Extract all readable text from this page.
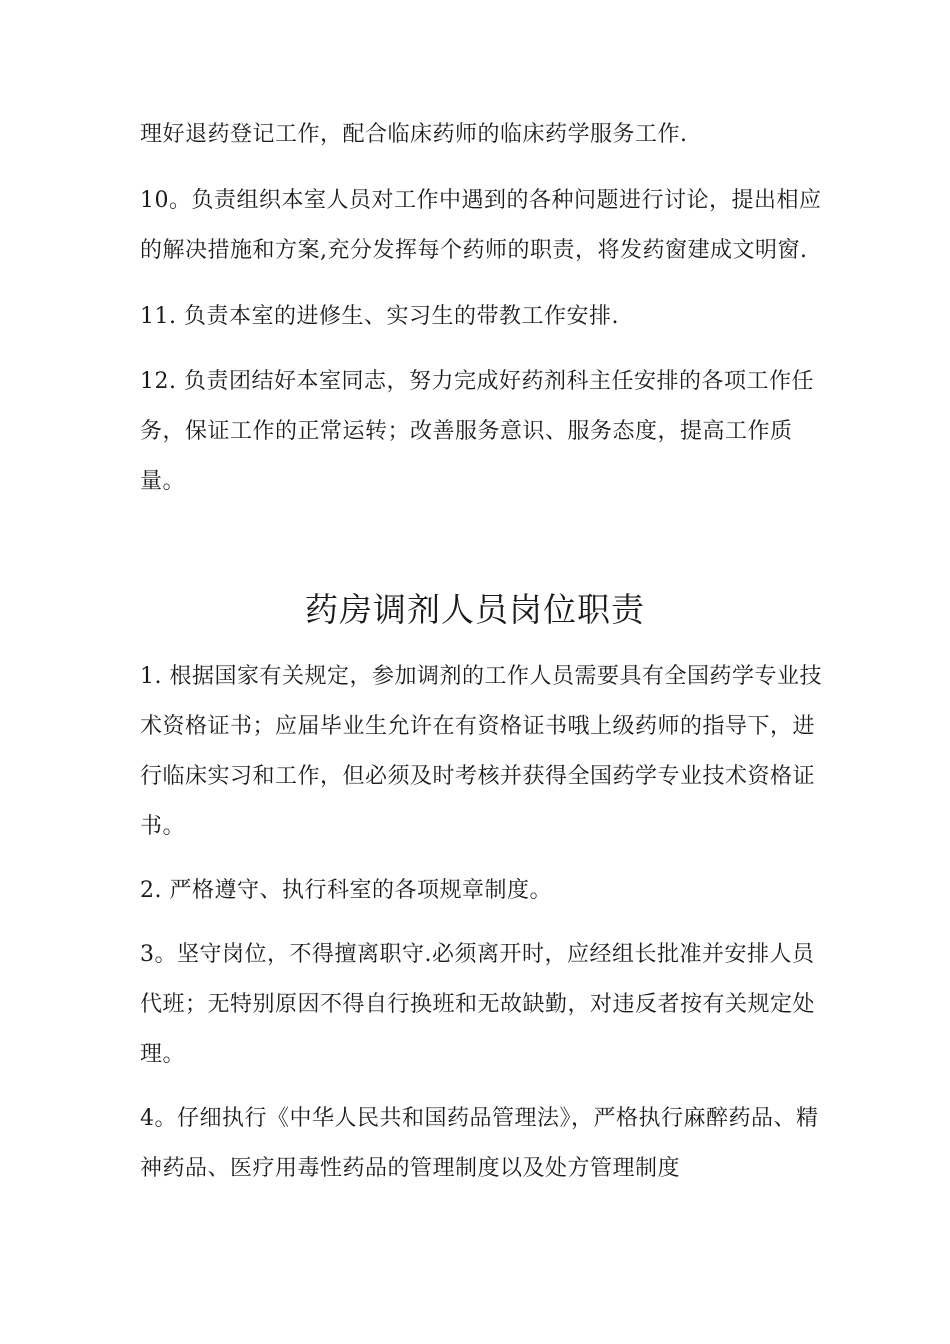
理好退药登记工作，配合临床药师的临床药学服务工作.
10。负责组织本室人员对工作中遇到的各种问题进行讨论，提出相应
的解决措施和方案,充分发挥每个药师的职责，将发药窗建成文明窗.
11. 负责本室的进修生、实习生的带教工作安排.
12. 负责团结好本室同志，努力完成好药剂科主任安排的各项工作任
务，保证工作的正常运转；改善服务意识、服务态度，提高工作质
量。
药房调剂人员岗位职责
1. 根据国家有关规定，参加调剂的工作人员需要具有全国药学专业技
术资格证书；应届毕业生允许在有资格证书哦上级药师的指导下，进
行临床实习和工作，但必须及时考核并获得全国药学专业技术资格证
书。
2. 严格遵守、执行科室的各项规章制度。
3。坚守岗位，不得擅离职守.必须离开时，应经组长批准并安排人员
代班；无特别原因不得自行换班和无故缺勤，对违反者按有关规定处
理。
4。仔细执行《中华人民共和国药品管理法》，严格执行麻醉药品、精
神药品、医疗用毒性药品的管理制度以及处方管理制度
